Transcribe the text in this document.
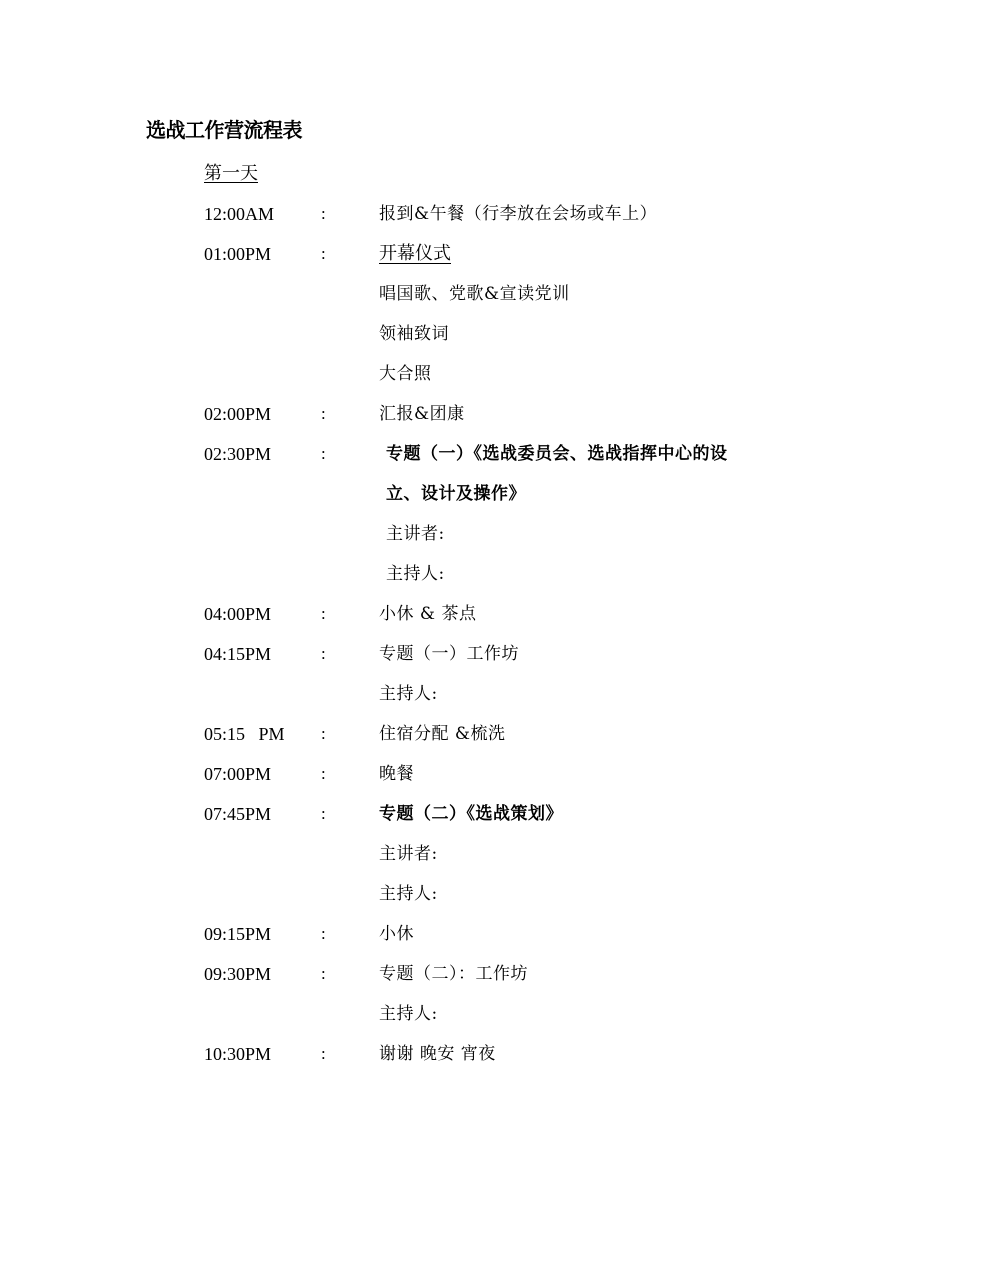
选战工作营流程表
第一天
12:00AM	:	报到&午餐（行李放在会场或车上）
01:00PM	:	开幕仪式
唱国歌、党歌&宣读党训
领袖致词
大合照
02:00PM	:	汇报&团康
02:30PM	:	专题（一）《选战委员会、选战指挥中心的设
立、设计及操作》
主讲者:
主持人:
04:00PM	:	小休 & 茶点
04:15PM	:	专题（一）工作坊
主持人:
05:15   PM :	住宿分配 &梳洗
07:00PM	:	晚餐
07:45PM	:	专题（二）《选战策划》
主讲者:
主持人:
09:15PM	:	小休
09:30PM	:	专题（二）：工作坊
主持人:
10:30PM	:	谢谢 晚安 宵夜
